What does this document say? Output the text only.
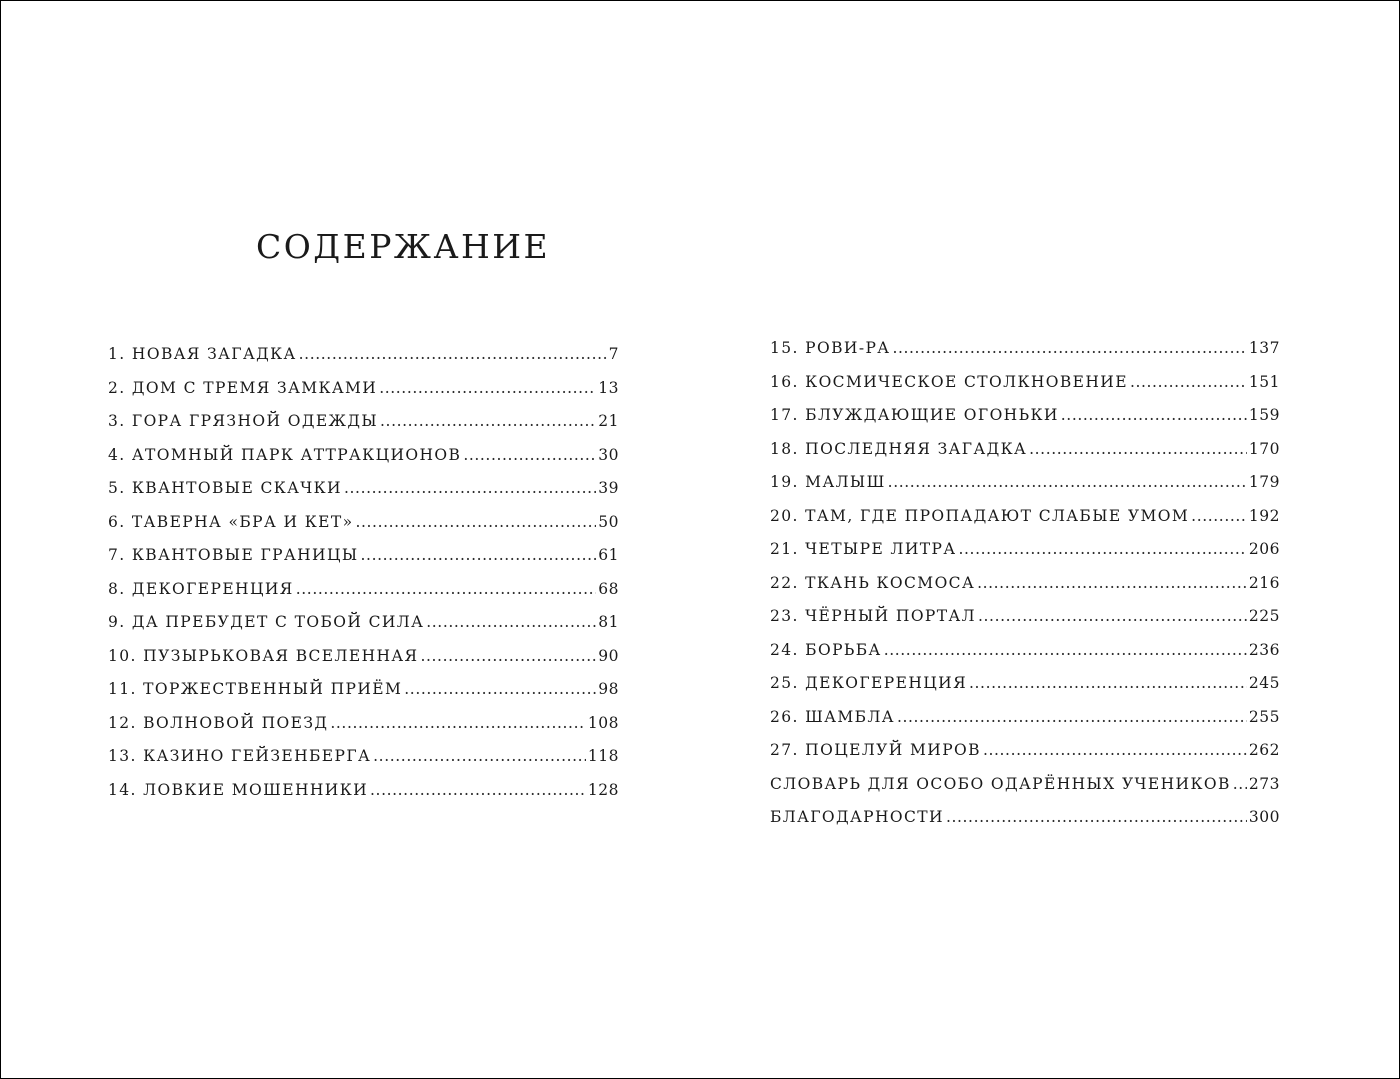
СОДЕРЖАНИЕ
1. НОВАЯ ЗАГАДКА .....	7
2. ДОМ С ТРЕМЯ ЗАМКАМИ .....	13
3. ГОРА ГРЯЗНОЙ ОДЕЖДЫ .....	21
4. АТОМНЫЙ ПАРК АТТРАКЦИОНОВ .....	30
5. КВАНТОВЫЕ СКАЧКИ .....	39
6. ТАВЕРНА «БРА И КЕТ» .....	50
7. КВАНТОВЫЕ ГРАНИЦЫ .....	61
8. ДЕКОГЕРЕНЦИЯ .....	68
9. ДА ПРЕБУДЕТ С ТОБОЙ СИЛА .....	81
10. ПУЗЫРЬКОВАЯ ВСЕЛЕННАЯ .....	90
11. ТОРЖЕСТВЕННЫЙ ПРИЁМ .....	98
12. ВОЛНОВОЙ ПОЕЗД .....	108
13. КАЗИНО ГЕЙЗЕНБЕРГА .....	118
14. ЛОВКИЕ МОШЕННИКИ .....	128
15. РОВИ-РА .....	137
16. КОСМИЧЕСКОЕ СТОЛКНОВЕНИЕ .....	151
17. БЛУЖДАЮЩИЕ ОГОНЬКИ .....	159
18. ПОСЛЕДНЯЯ ЗАГАДКА .....	170
19. МАЛЫШ .....	179
20. ТАМ, ГДЕ ПРОПАДАЮТ СЛАБЫЕ УМОМ .....	192
21. ЧЕТЫРЕ ЛИТРА .....	206
22. ТКАНЬ КОСМОСА .....	216
23. ЧЁРНЫЙ ПОРТАЛ .....	225
24. БОРЬБА .....	236
25. ДЕКОГЕРЕНЦИЯ .....	245
26. ШАМБЛА .....	255
27. ПОЦЕЛУЙ МИРОВ .....	262
СЛОВАРЬ ДЛЯ ОСОБО ОДАРЁННЫХ УЧЕНИКОВ ..... 273
БЛАГОДАРНОСТИ .....	300
